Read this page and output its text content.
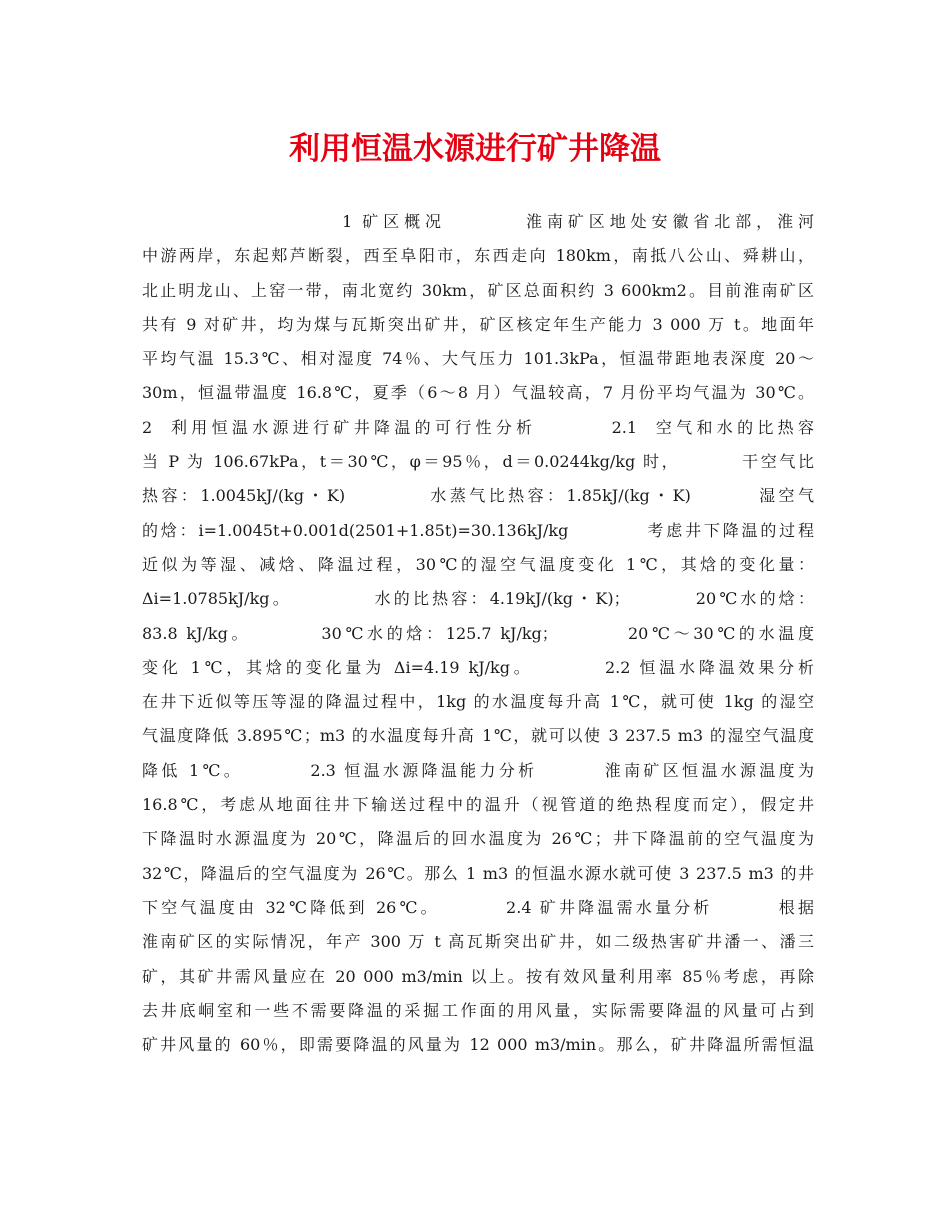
利用恒温水源进行矿井降温
1 矿区概况        淮南矿区地处安徽省北部，淮河
中游两岸，东起郏芦断裂，西至阜阳市，东西走向 180km，南抵八公山、舜耕山，
北止明龙山、上窑一带，南北宽约 30km，矿区总面积约 3 600km2。目前淮南矿区
共有 9 对矿井，均为煤与瓦斯突出矿井，矿区核定年生产能力 3 000 万 t。地面年
平均气温 15.3℃、相对湿度 74％、大气压力 101.3kPa，恒温带距地表深度 20～
30m，恒温带温度 16.8℃，夏季（6～8 月）气温较高，7 月份平均气温为 30℃。
2  利用恒温水源进行矿井降温的可行性分析        2.1  空气和水的比热容
当 P 为 106.67kPa，t＝30℃，φ＝95％，d＝0.0244kg/kg 时，        干空气比
热容：1.0045kJ/(kg・K)          水蒸气比热容：1.85kJ/(kg・K)        湿空气
的焓：i=1.0045t+0.001d(2501+1.85t)=30.136kJ/kg          考虑井下降温的过程
近似为等湿、减焓、降温过程，30℃的湿空气温度变化 1℃，其焓的变化量：
Δi=1.0785kJ/kg。          水的比热容：4.19kJ/(kg・K)；        20℃水的焓：
83.8 kJ/kg。        30℃水的焓：125.7 kJ/kg；        20℃～30℃的水温度
变化 1℃，其焓的变化量为 Δi=4.19 kJ/kg。        2.2 恒温水降温效果分析
在井下近似等压等湿的降温过程中，1kg 的水温度每升高 1℃，就可使 1kg 的湿空
气温度降低 3.895℃；m3 的水温度每升高 1℃，就可以使 3 237.5 m3 的湿空气温度
降低 1℃。        2.3 恒温水源降温能力分析        淮南矿区恒温水源温度为
16.8℃，考虑从地面往井下输送过程中的温升（视管道的绝热程度而定），假定井
下降温时水源温度为 20℃，降温后的回水温度为 26℃；井下降温前的空气温度为
32℃，降温后的空气温度为 26℃。那么 1 m3 的恒温水源水就可使 3 237.5 m3 的井
下空气温度由 32℃降低到 26℃。        2.4 矿井降温需水量分析        根据
淮南矿区的实际情况，年产 300 万 t 高瓦斯突出矿井，如二级热害矿井潘一、潘三
矿，其矿井需风量应在 20 000 m3/min 以上。按有效风量利用率 85％考虑，再除
去井底峒室和一些不需要降温的采掘工作面的用风量，实际需要降温的风量可占到
矿井风量的 60％，即需要降温的风量为 12 000 m3/min。那么，矿井降温所需恒温
